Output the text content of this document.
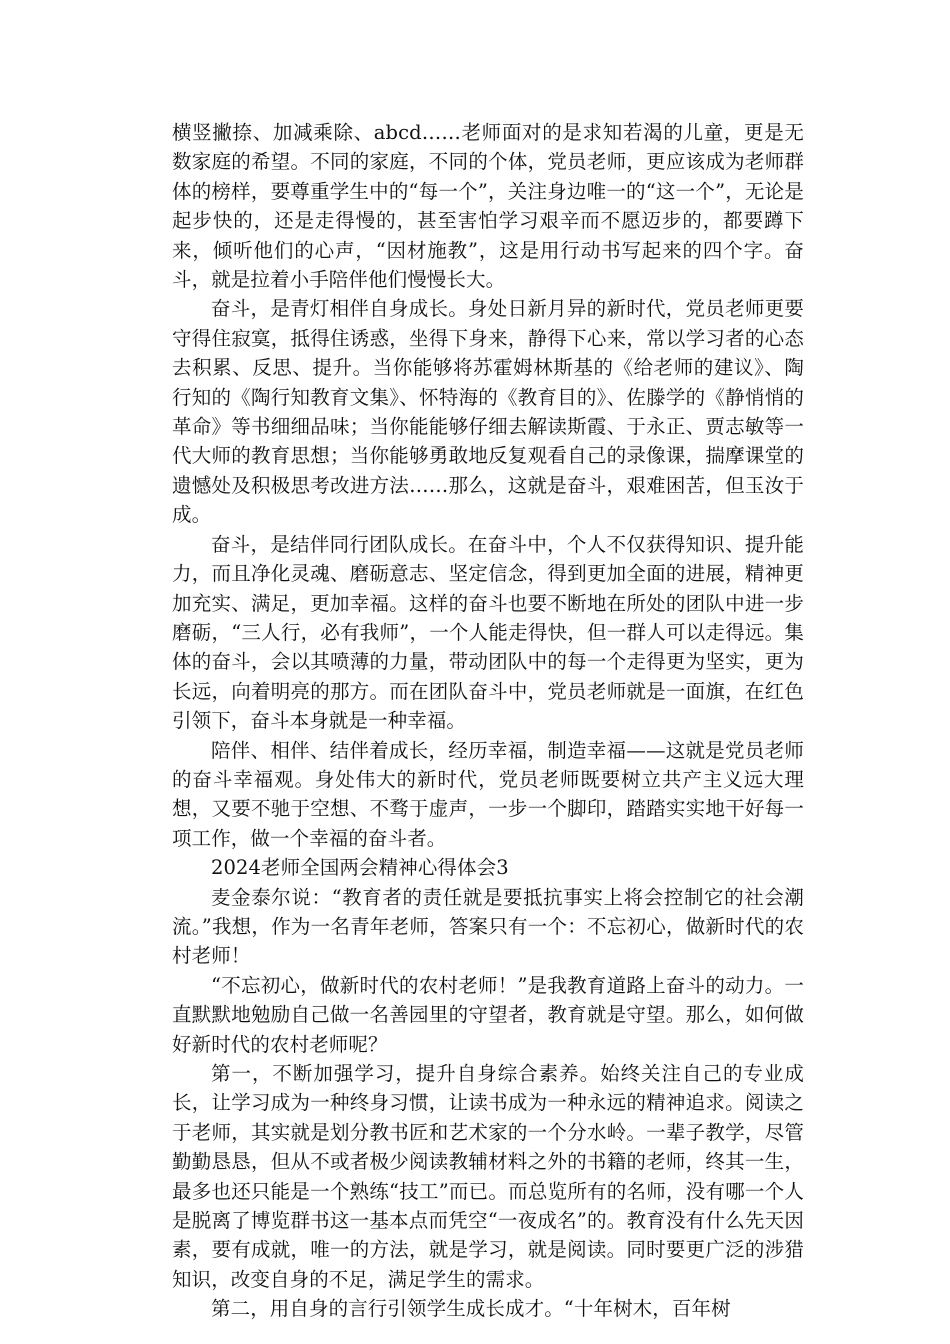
横竖撇捺、加减乘除、abcd……老师面对的是求知若渴的儿童，更是无数家庭的希望。不同的家庭，不同的个体，党员老师，更应该成为老师群体的榜样，要尊重学生中的“每一个”，关注身边唯一的“这一个”，无论是起步快的，还是走得慢的，甚至害怕学习艰辛而不愿迈步的，都要蹲下来，倾听他们的心声，“因材施教”，这是用行动书写起来的四个字。奋斗，就是拉着小手陪伴他们慢慢长大。

奋斗，是青灯相伴自身成长。身处日新月异的新时代，党员老师更要守得住寂寞，抵得住诱惑，坐得下身来，静得下心来，常以学习者的心态去积累、反思、提升。当你能够将苏霍姆林斯基的《给老师的建议》、陶行知的《陶行知教育文集》、怀特海的《教育目的》、佐滕学的《静悄悄的革命》等书细细品味；当你能能够仔细去解读斯霞、于永正、贾志敏等一代大师的教育思想；当你能够勇敢地反复观看自己的录像课，揣摩课堂的遗憾处及积极思考改进方法……那么，这就是奋斗，艰难困苦，但玉汝于成。

奋斗，是结伴同行团队成长。在奋斗中，个人不仅获得知识、提升能力，而且净化灵魂、磨砺意志、坚定信念，得到更加全面的进展，精神更加充实、满足，更加幸福。这样的奋斗也要不断地在所处的团队中进一步磨砺，“三人行，必有我师”，一个人能走得快，但一群人可以走得远。集体的奋斗，会以其喷薄的力量，带动团队中的每一个走得更为坚实，更为长远，向着明亮的那方。而在团队奋斗中，党员老师就是一面旗，在红色引领下，奋斗本身就是一种幸福。

陪伴、相伴、结伴着成长，经历幸福，制造幸福——这就是党员老师的奋斗幸福观。身处伟大的新时代，党员老师既要树立共产主义远大理想，又要不驰于空想、不骛于虚声，一步一个脚印，踏踏实实地干好每一项工作，做一个幸福的奋斗者。

2024老师全国两会精神心得体会3

麦金泰尔说：“教育者的责任就是要抵抗事实上将会控制它的社会潮流。”我想，作为一名青年老师，答案只有一个：不忘初心，做新时代的农村老师！

“不忘初心，做新时代的农村老师！”是我教育道路上奋斗的动力。一直默默地勉励自己做一名善园里的守望者，教育就是守望。那么，如何做好新时代的农村老师呢？

第一，不断加强学习，提升自身综合素养。始终关注自己的专业成长，让学习成为一种终身习惯，让读书成为一种永远的精神追求。阅读之于老师，其实就是划分教书匠和艺术家的一个分水岭。一辈子教学，尽管勤勤恳恳，但从不或者极少阅读教辅材料之外的书籍的老师，终其一生，最多也还只能是一个熟练“技工”而已。而总览所有的名师，没有哪一个人是脱离了博览群书这一基本点而凭空“一夜成名”的。教育没有什么先天因素，要有成就，唯一的方法，就是学习，就是阅读。同时要更广泛的涉猎知识，改变自身的不足，满足学生的需求。

第二，用自身的言行引领学生成长成才。“十年树木，百年树
